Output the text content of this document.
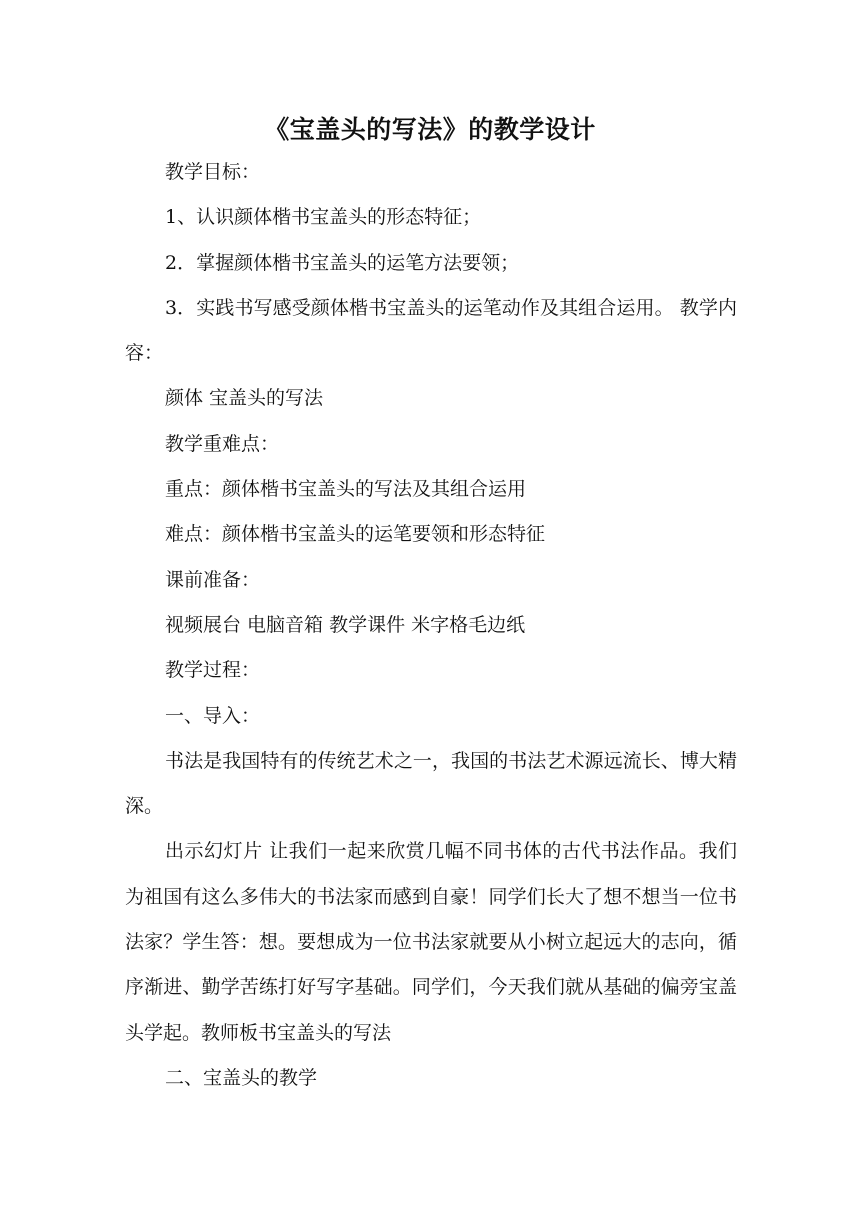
《宝盖头的写法》的教学设计

教学目标：

1、认识颜体楷书宝盖头的形态特征；

2．掌握颜体楷书宝盖头的运笔方法要领；

3．实践书写感受颜体楷书宝盖头的运笔动作及其组合运用。 教学内容：

颜体 宝盖头的写法

教学重难点：

重点：颜体楷书宝盖头的写法及其组合运用

难点：颜体楷书宝盖头的运笔要领和形态特征

课前准备：

视频展台 电脑音箱 教学课件 米字格毛边纸

教学过程：

一、导入：

书法是我国特有的传统艺术之一，我国的书法艺术源远流长、博大精深。

出示幻灯片 让我们一起来欣赏几幅不同书体的古代书法作品。我们为祖国有这么多伟大的书法家而感到自豪！同学们长大了想不想当一位书法家？学生答：想。要想成为一位书法家就要从小树立起远大的志向，循序渐进、勤学苦练打好写字基础。同学们，今天我们就从基础的偏旁宝盖头学起。教师板书宝盖头的写法

二、宝盖头的教学
